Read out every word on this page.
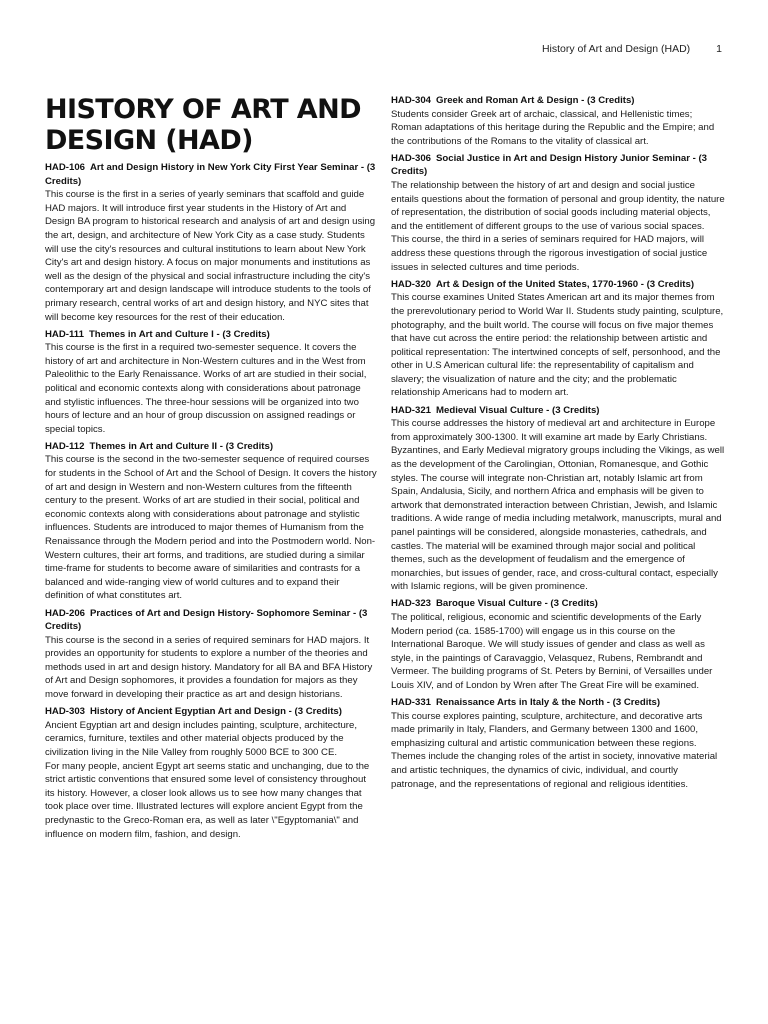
History of Art and Design (HAD) 1
HISTORY OF ART AND DESIGN (HAD)
HAD-106 Art and Design History in New York City First Year Seminar - (3 Credits)

This course is the first in a series of yearly seminars that scaffold and guide HAD majors. It will introduce first year students in the History of Art and Design BA program to historical research and analysis of art and design using the art, design, and architecture of New York City as a case study. Students will use the city's resources and cultural institutions to learn about New York City's art and design history. A focus on major monuments and institutions as well as the design of the physical and social infrastructure including the city's contemporary art and design landscape will introduce students to the tools of primary research, central works of art and design history, and NYC sites that will become key resources for the rest of their education.

HAD-111 Themes in Art and Culture I - (3 Credits)

This course is the first in a required two-semester sequence. It covers the history of art and architecture in Non-Western cultures and in the West from Paleolithic to the Early Renaissance. Works of art are studied in their social, political and economic contexts along with considerations about patronage and stylistic influences. The three-hour sessions will be organized into two hours of lecture and an hour of group discussion on assigned readings or special topics.

HAD-112 Themes in Art and Culture II - (3 Credits)

This course is the second in the two-semester sequence of required courses for students in the School of Art and the School of Design. It covers the history of art and design in Western and non-Western cultures from the fifteenth century to the present. Works of art are studied in their social, political and economic contexts along with considerations about patronage and stylistic influences. Students are introduced to major themes of Humanism from the Renaissance through the Modern period and into the Postmodern world. Non-Western cultures, their art forms, and traditions, are studied during a similar time-frame for students to become aware of similarities and contrasts for a balanced and wide-ranging view of world cultures and to expand their definition of what constitutes art.

HAD-206 Practices of Art and Design History- Sophomore Seminar - (3 Credits)

This course is the second in a series of required seminars for HAD majors. It provides an opportunity for students to explore a number of the theories and methods used in art and design history. Mandatory for all BA and BFA History of Art and Design sophomores, it provides a foundation for majors as they move forward in developing their practice as art and design historians.

HAD-303 History of Ancient Egyptian Art and Design - (3 Credits)

Ancient Egyptian art and design includes painting, sculpture, architecture, ceramics, furniture, textiles and other material objects produced by the civilization living in the Nile Valley from roughly 5000 BCE to 300 CE.

For many people, ancient Egypt art seems static and unchanging, due to the strict artistic conventions that ensured some level of consistency throughout its history. However, a closer look allows us to see how many changes that took place over time. Illustrated lectures will explore ancient Egypt from the predynastic to the Greco-Roman era, as well as later \"Egyptomania\" and influence on modern film, fashion, and design.

HAD-304 Greek and Roman Art & Design - (3 Credits)

Students consider Greek art of archaic, classical, and Hellenistic times; Roman adaptations of this heritage during the Republic and the Empire; and the contributions of the Romans to the vitality of classical art.

HAD-306 Social Justice in Art and Design History Junior Seminar - (3 Credits)

The relationship between the history of art and design and social justice entails questions about the formation of personal and group identity, the nature of representation, the distribution of social goods including material objects, and the entitlement of different groups to the use of various social spaces. This course, the third in a series of seminars required for HAD majors, will address these questions through the rigorous investigation of social justice issues in selected cultures and time periods.

HAD-320 Art & Design of the United States, 1770-1960 - (3 Credits)

This course examines United States American art and its major themes from the prerevolutionary period to World War II. Students study painting, sculpture, photography, and the built world. The course will focus on five major themes that have cut across the entire period: the relationship between artistic and political representation: The intertwined concepts of self, personhood, and the other in U.S American cultural life: the representability of capitalism and slavery; the visualization of nature and the city; and the problematic relationship Americans had to modern art.

HAD-321 Medieval Visual Culture - (3 Credits)

This course addresses the history of medieval art and architecture in Europe from approximately 300-1300. It will examine art made by Early Christians. Byzantines, and Early Medieval migratory groups including the Vikings, as well as the development of the Carolingian, Ottonian, Romanesque, and Gothic styles. The course will integrate non-Christian art, notably Islamic art from Spain, Andalusia, Sicily, and northern Africa and emphasis will be given to artwork that demonstrated interaction between Christian, Jewish, and Islamic traditions. A wide range of media including metalwork, manuscripts, mural and panel paintings will be considered, alongside monasteries, cathedrals, and castles. The material will be examined through major social and political themes, such as the development of feudalism and the emergence of monarchies, but issues of gender, race, and cross-cultural contact, especially with Islamic regions, will be given prominence.

HAD-323 Baroque Visual Culture - (3 Credits)

The political, religious, economic and scientific developments of the Early Modern period (ca. 1585-1700) will engage us in this course on the International Baroque. We will study issues of gender and class as well as style, in the paintings of Caravaggio, Velasquez, Rubens, Rembrandt and Vermeer. The building programs of St. Peters by Bernini, of Versailles under Louis XIV, and of London by Wren after The Great Fire will be examined.

HAD-331 Renaissance Arts in Italy & the North - (3 Credits)

This course explores painting, sculpture, architecture, and decorative arts made primarily in Italy, Flanders, and Germany between 1300 and 1600, emphasizing cultural and artistic communication between these regions. Themes include the changing roles of the artist in society, innovative material and artistic techniques, the dynamics of civic, individual, and courtly patronage, and the representations of regional and religious identities.
